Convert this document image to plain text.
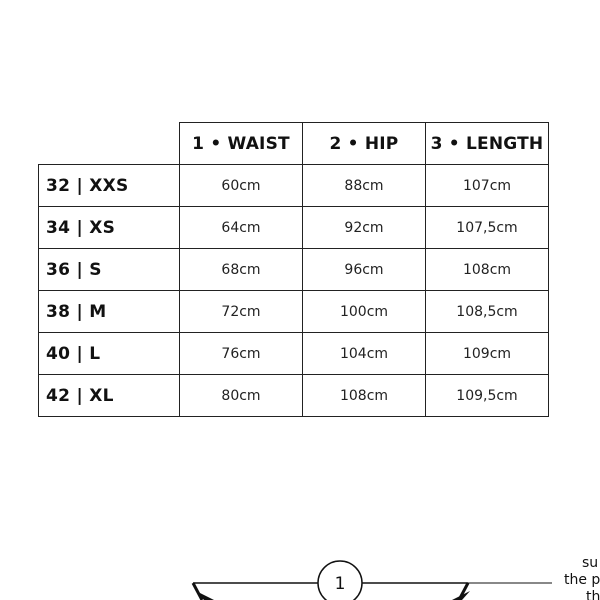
	1 • WAIST	2 • HIP	3 • LENGTH
32 | XXS	60cm	88cm	107cm
34 | XS	64cm	92cm	107,5cm
36 | S	68cm	96cm	108cm
38 | M	72cm	100cm	108,5cm
40 | L	76cm	104cm	109cm
42 | XL	80cm	108cm	109,5cm
1
su
the p
th
